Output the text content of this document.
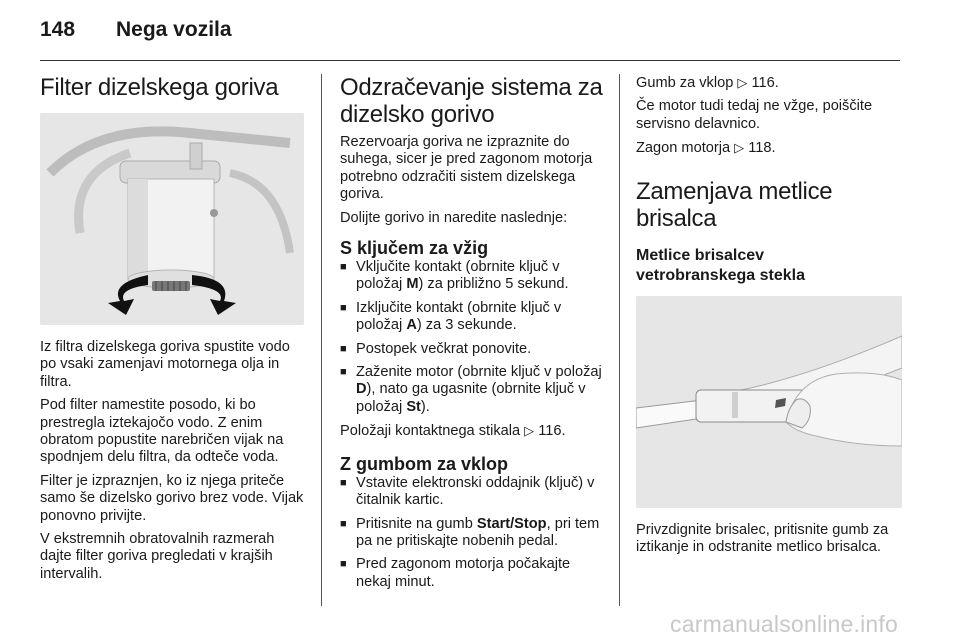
148	Nega vozila
Filter dizelskega goriva

Iz filtra dizelskega goriva spustite vodo po vsaki zamenjavi motornega olja in filtra.

Pod filter namestite posodo, ki bo prestregla iztekajočo vodo. Z enim obratom popustite narebričen vijak na spodnjem delu filtra, da odteče voda.

Filter je izpraznjen, ko iz njega priteče samo še dizelsko gorivo brez vode. Vijak ponovno privijte.

V ekstremnih obratovalnih razmerah dajte filter goriva pregledati v krajših intervalih.

Odzračevanje sistema za
dizelsko gorivo

Rezervoarja goriva ne izpraznite do suhega, sicer je pred zagonom motorja potrebno odzračiti sistem dizelskega goriva.

Dolijte gorivo in naredite naslednje:

S ključem za vžig
■ Vključite kontakt (obrnite ključ v položaj M) za približno 5 sekund.
■ Izključite kontakt (obrnite ključ v položaj A) za 3 sekunde.
■ Postopek večkrat ponovite.
■ Zaženite motor (obrnite ključ v položaj D), nato ga ugasnite (obrnite ključ v položaj St).

Položaji kontaktnega stikala ▷ 116.

Z gumbom za vklop
■ Vstavite elektronski oddajnik (ključ) v čitalnik kartic.
■ Pritisnite na gumb Start/Stop, pri tem pa ne pritiskajte nobenih pedal.
■ Pred zagonom motorja počakajte nekaj minut.

Gumb za vklop ▷ 116.

Če motor tudi tedaj ne vžge, poiščite servisno delavnico.

Zagon motorja ▷ 118.

Zamenjava metlice
brisalca
Metlice brisalcev
vetrobranskega stekla

Privzdignite brisalec, pritisnite gumb za iztikanje in odstranite metlico brisalca.

carmanualsonline.info
